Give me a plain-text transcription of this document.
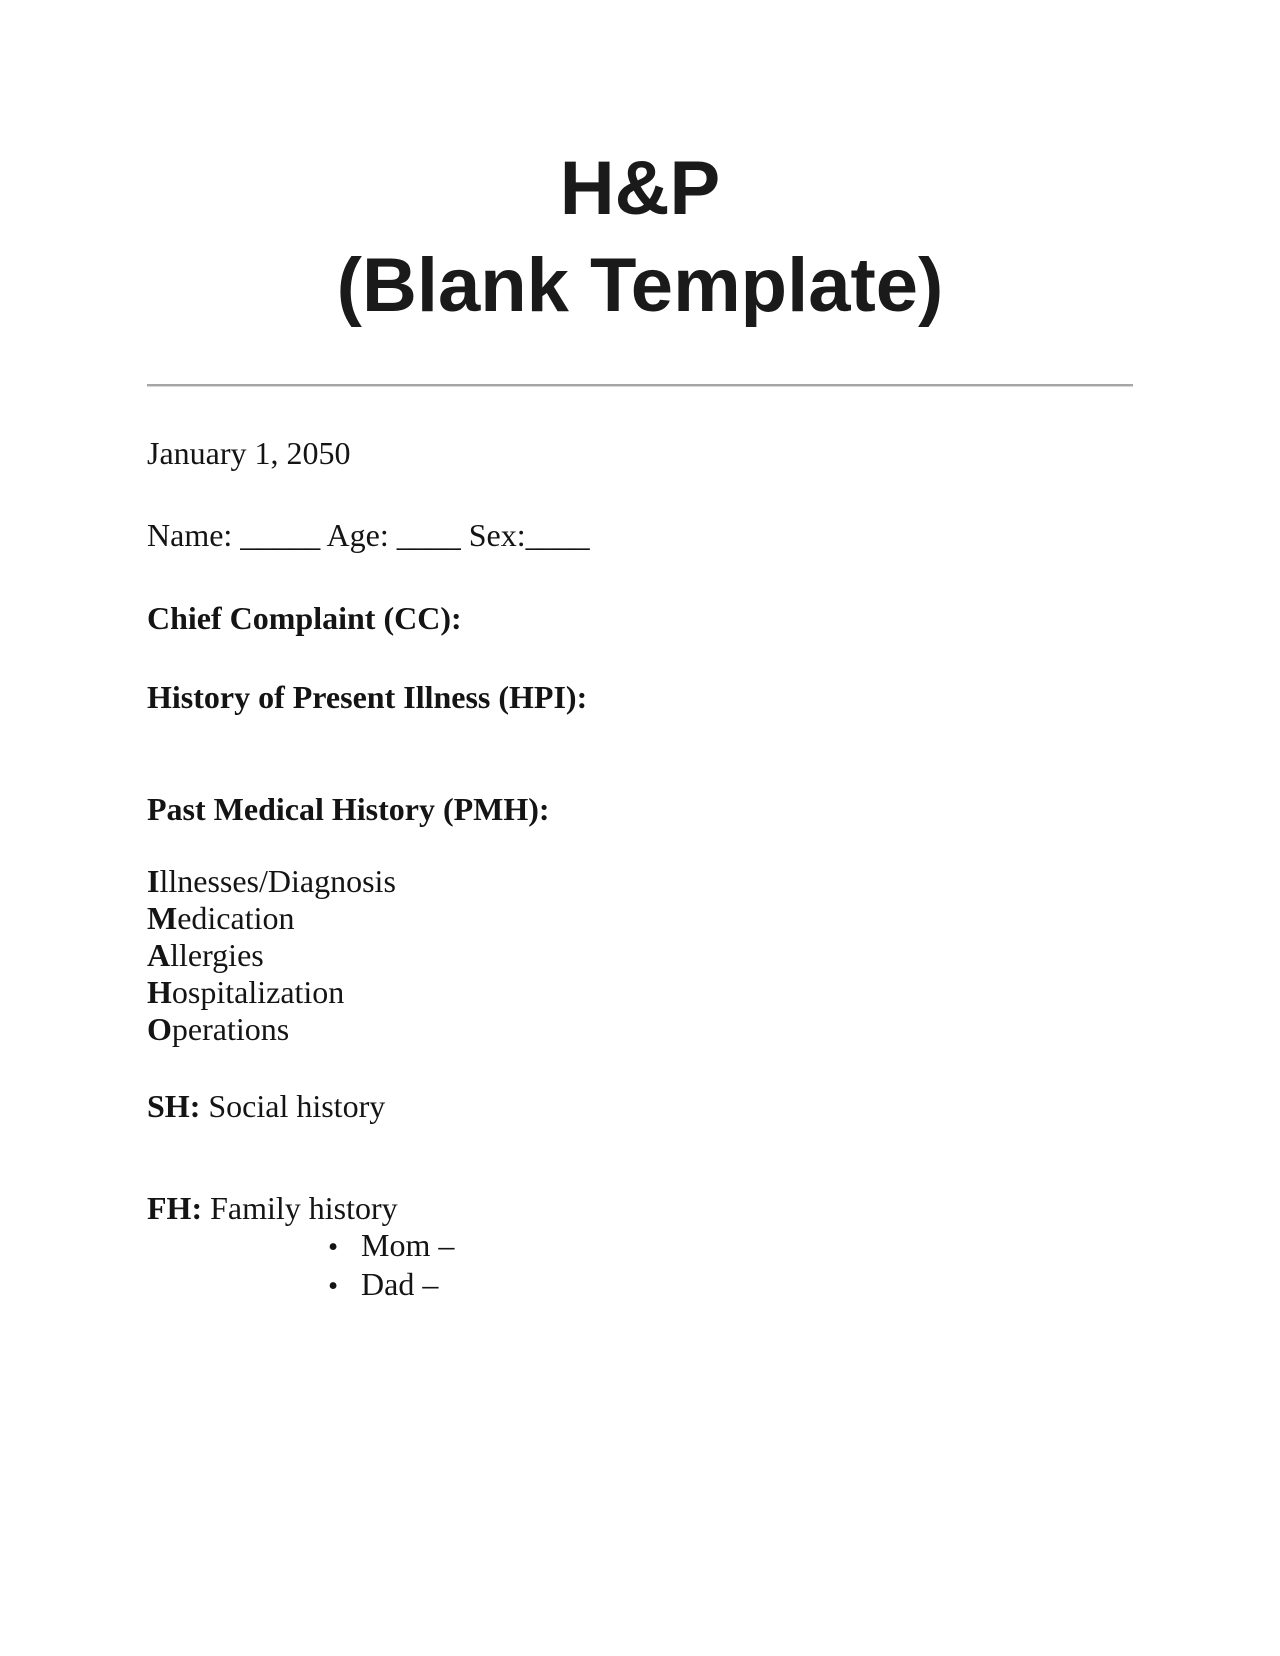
H&P
(Blank Template)

January 1, 2050

Name: _____ Age: ____ Sex:____

Chief Complaint (CC):

History of Present Illness (HPI):

Past Medical History (PMH):

Illnesses/Diagnosis
Medication
Allergies
Hospitalization
Operations

SH: Social history

FH: Family history

• Mom –
• Dad –
